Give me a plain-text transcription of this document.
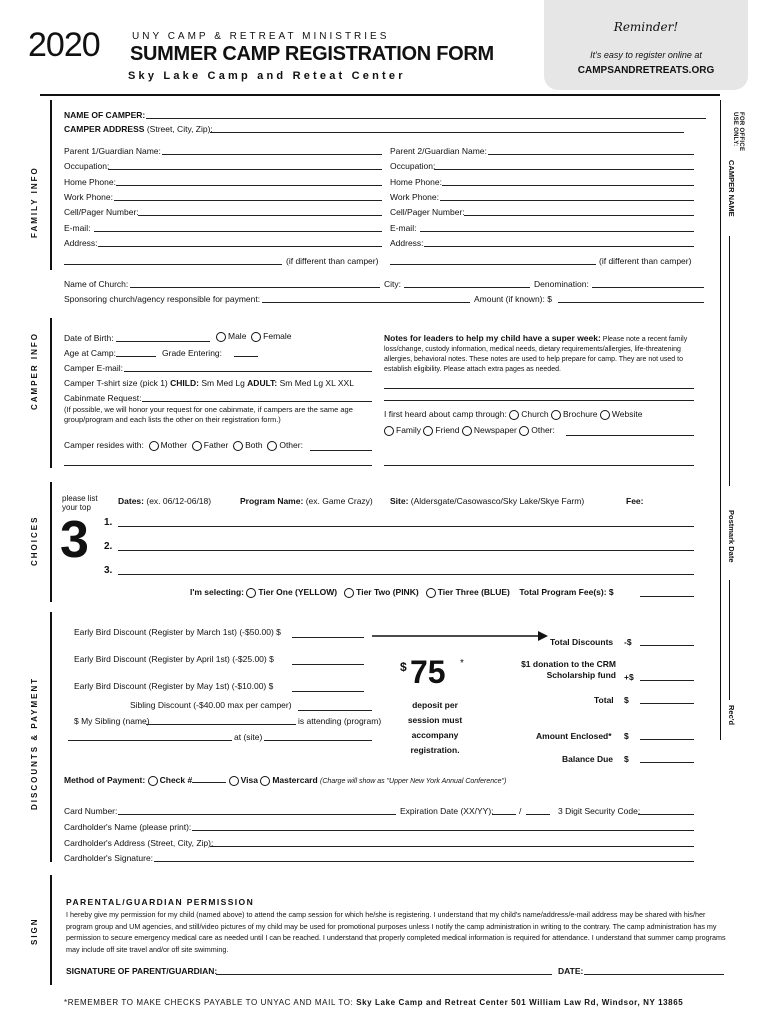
2020	UNY CAMP & RETREAT MINISTRIES
SUMMER CAMP REGISTRATION FORM
Sky Lake Camp and Reteat Center
Reminder!
It's easy to register online at
CAMPSANDRETREATS.ORG
FOR OFFICE USE ONLY:
CAMPER NAME
Postmark Date
Rec'd
FAMILY INFO
CAMPER INFO
CHOICES
DISCOUNTS & PAYMENT
SIGN
NAME OF CAMPER:
CAMPER ADDRESS (Street, City, Zip):
Parent 1/Guardian Name:
Occupation:
Home Phone:
Work Phone:
Cell/Pager Number:
E-mail:
Address:
Parent 2/Guardian Name:
Occupation:
Home Phone:
Work Phone:
Cell/Pager Number:
E-mail:
Address:
(if different than camper)	(if different than camper)
Name of Church:	City:	Denomination:
Sponsoring church/agency responsible for payment:	Amount (if known): $
Date of Birth:	Male Female
Age at Camp:	Grade Entering:
Camper E-mail:
Camper T-shirt size (pick 1) CHILD: Sm Med Lg ADULT: Sm Med Lg XL XXL
Cabinmate Request:
(If possible, we will honor your request for one cabinmate, if campers are the same age group/program and each lists the other on their registration form.)
Camper resides with: Mother Father Both Other:
Notes for leaders to help my child have a super week: Please note a recent family loss/change, custody information, medical needs, dietary requirements/allergies, life-threatening allergies, behavioral notes. These notes are used to help prepare for camp. They are not used to establish eligibility. Please attach extra pages as needed.
I first heard about camp through: Church Brochure Website
Family Friend Newspaper Other:
please list your top
3
Dates: (ex. 06/12-06/18)	Program Name: (ex. Game Crazy) Site: (Aldersgate/Casowasco/Sky Lake/Skye Farm)	Fee:
1.
2.
3.
I'm selecting: Tier One (YELLOW) Tier Two (PINK) Tier Three (BLUE) Total Program Fee(s): $
Early Bird Discount (Register by March 1st) (-$50.00) $
Early Bird Discount (Register by April 1st) (-$25.00) $
Early Bird Discount (Register by May 1st) (-$10.00) $
Sibling Discount (-$40.00 max per camper)
$ My Sibling (name)	is attending (program)
at (site)
$ 75 *
deposit per
session must
accompany
registration.
Total Discounts -$
$1 donation to the CRM Scholarship fund +$
Total $
Amount Enclosed* $
Balance Due $
Method of Payment: Check #	Visa Mastercard (Charge will show as "Upper New York Annual Conference")
Card Number:	Expiration Date (XX/YY):	/	3 Digit Security Code:
Cardholder's Name (please print):
Cardholder's Address (Street, City, Zip):
Cardholder's Signature:
PARENTAL/GUARDIAN PERMISSION
I hereby give my permission for my child (named above) to attend the camp session for which he/she is registering. I understand that my child's name/address/e-mail address may be shared with his/her program group and UM agencies, and still/video pictures of my child may be used for promotional purposes unless I notify the camp administration in writing to the contrary. The camp administration has my permission to secure emergency medical care as needed until I can be reached. I understand that properly completed medical information is required for attendance. I understand that summer camp programs may include off site travel and/or off site swimming.
SIGNATURE OF PARENT/GUARDIAN:	DATE:
*REMEMBER TO MAKE CHECKS PAYABLE TO UNYAC AND MAIL TO: Sky Lake Camp and Retreat Center 501 William Law Rd, Windsor, NY 13865
